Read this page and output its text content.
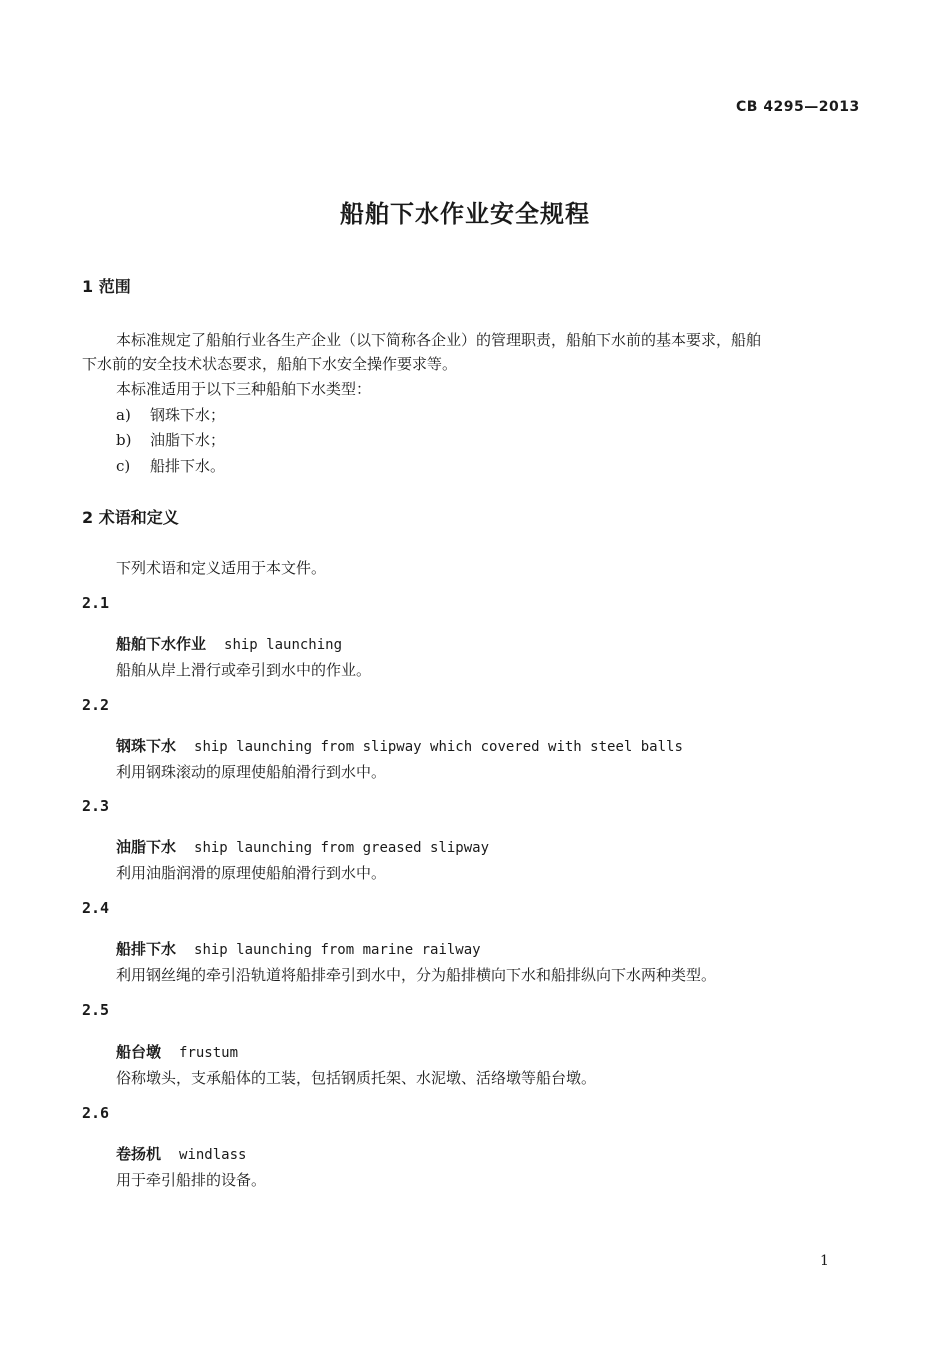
CB 4295—2013
船舶下水作业安全规程
1 范围
本标准规定了船舶行业各生产企业（以下简称各企业）的管理职责，船舶下水前的基本要求，船舶
下水前的安全技术状态要求，船舶下水安全操作要求等。
本标准适用于以下三种船舶下水类型：
a) 钢珠下水；
b) 油脂下水；
c) 船排下水。
2 术语和定义
下列术语和定义适用于本文件。
2.1
船舶下水作业 ship launching
船舶从岸上滑行或牵引到水中的作业。
2.2
钢珠下水 ship launching from slipway which covered with steel balls
利用钢珠滚动的原理使船舶滑行到水中。
2.3
油脂下水 ship launching from greased slipway
利用油脂润滑的原理使船舶滑行到水中。
2.4
船排下水 ship launching from marine railway
利用钢丝绳的牵引沿轨道将船排牵引到水中，分为船排横向下水和船排纵向下水两种类型。
2.5
船台墩 frustum
俗称墩头，支承船体的工装，包括钢质托架、水泥墩、活络墩等船台墩。
2.6
卷扬机 windlass
用于牵引船排的设备。
1
